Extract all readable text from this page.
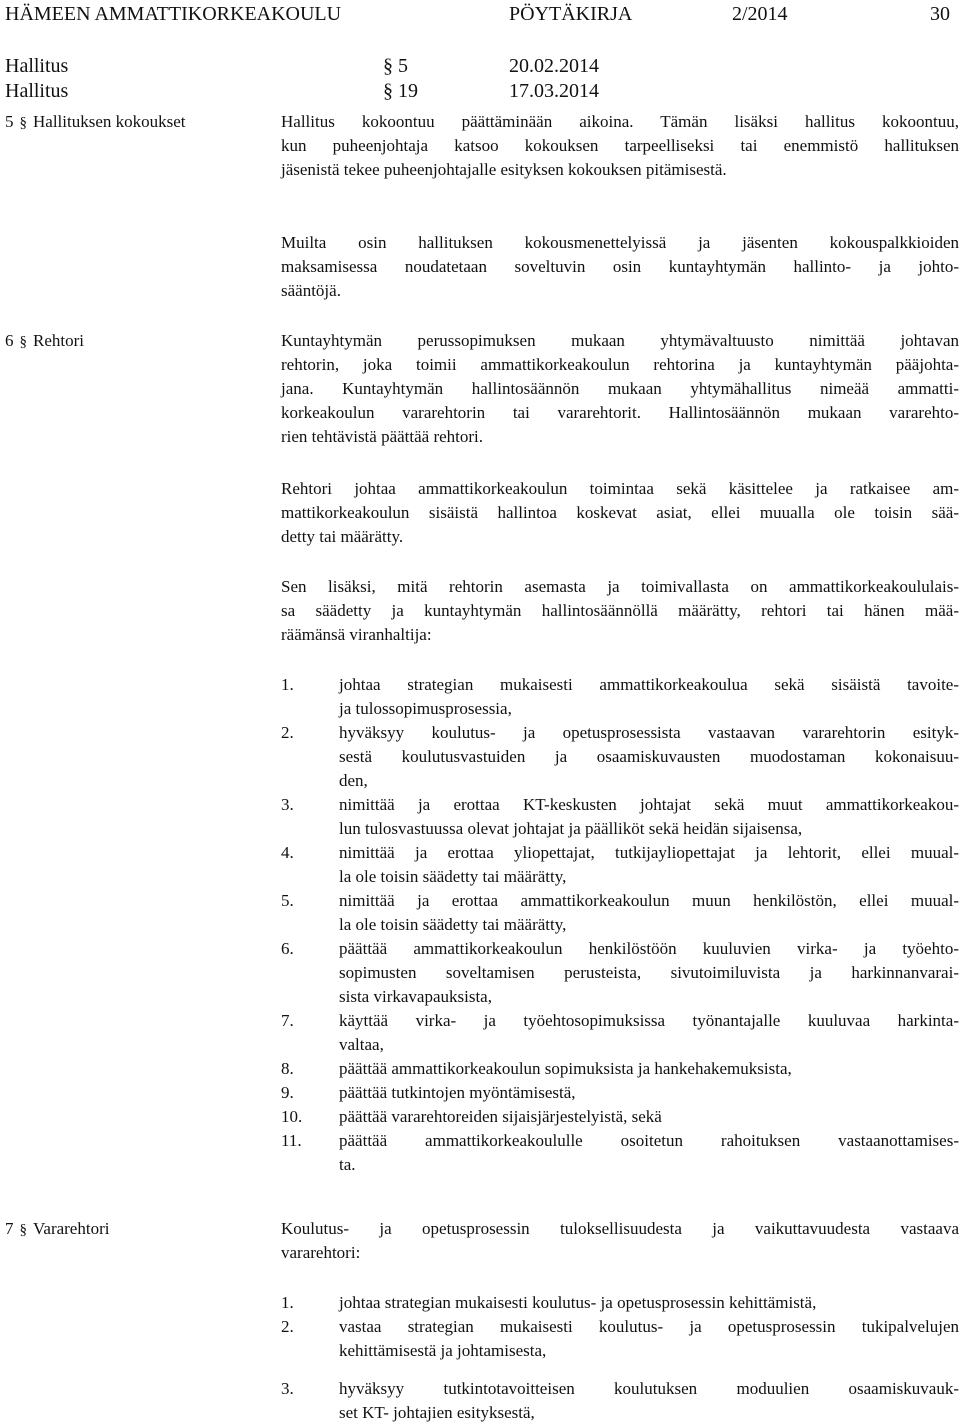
HÄMEEN AMMATTIKORKEAKOULU	PÖYTÄKIRJA	2/2014	30
Hallitus	§ 5	20.02.2014
Hallitus	§ 19	17.03.2014
5 § Hallituksen kokoukset	Hallitus kokoontuu päättäminään aikoina. Tämän lisäksi hallitus kokoontuu,
kun puheenjohtaja katsoo kokouksen tarpeelliseksi tai enemmistö hallituksen
jäsenistä tekee puheenjohtajalle esityksen kokouksen pitämisestä.
Muilta osin hallituksen kokousmenettelyissä ja jäsenten kokouspalkkioiden
maksamisessa noudatetaan soveltuvin osin kuntayhtymän hallinto- ja johto-
sääntöjä.
6 § Rehtori	Kuntayhtymän perussopimuksen mukaan yhtymävaltuusto nimittää johtavan
rehtorin, joka toimii ammattikorkeakoulun rehtorina ja kuntayhtymän pääjohta-
jana. Kuntayhtymän hallintosäännön mukaan yhtymähallitus nimeää ammatti-
korkeakoulun vararehtorin tai vararehtorit. Hallintosäännön mukaan vararehto-
rien tehtävistä päättää rehtori.
Rehtori johtaa ammattikorkeakoulun toimintaa sekä käsittelee ja ratkaisee am-
mattikorkeakoulun sisäistä hallintoa koskevat asiat, ellei muualla ole toisin sää-
detty tai määrätty.
Sen lisäksi, mitä rehtorin asemasta ja toimivallasta on ammattikorkeakoululais-
sa säädetty ja kuntayhtymän hallintosäännöllä määrätty, rehtori tai hänen mää-
räämänsä viranhaltija:
1.	johtaa strategian mukaisesti ammattikorkeakoulua sekä sisäistä tavoite-
ja tulossopimusprosessia,
2.	hyväksyy koulutus- ja opetusprosessista vastaavan vararehtorin esityk-
sestä koulutusvastuiden ja osaamiskuvausten muodostaman kokonaisuu-
den,
3.	nimittää ja erottaa KT-keskusten johtajat sekä muut ammattikorkeakou-
lun tulosvastuussa olevat johtajat ja päälliköt sekä heidän sijaisensa,
4.	nimittää ja erottaa yliopettajat, tutkijayliopettajat ja lehtorit, ellei muual-
la ole toisin säädetty tai määrätty,
5.	nimittää ja erottaa ammattikorkeakoulun muun henkilöstön, ellei muual-
la ole toisin säädetty tai määrätty,
6.	päättää ammattikorkeakoulun henkilöstöön kuuluvien virka- ja työehto-
sopimusten soveltamisen perusteista, sivutoimiluvista ja harkinnanvarai-
sista virkavapauksista,
7.	käyttää virka- ja työehtosopimuksissa työnantajalle kuuluvaa harkinta-
valtaa,
8.	päättää ammattikorkeakoulun sopimuksista ja hankehakemuksista,
9.	päättää tutkintojen myöntämisestä,
10. päättää vararehtoreiden sijaisjärjestelyistä, sekä
11. päättää ammattikorkeakoululle osoitetun rahoituksen vastaanottamises-
ta.
7 § Vararehtori	Koulutus- ja opetusprosessin tuloksellisuudesta ja vaikuttavuudesta vastaava
vararehtori:
1.	johtaa strategian mukaisesti koulutus- ja opetusprosessin kehittämistä,
2.	vastaa strategian mukaisesti koulutus- ja opetusprosessin tukipalvelujen
kehittämisestä ja johtamisesta,
3.	hyväksyy tutkintotavoitteisen koulutuksen moduulien osaamiskuvauk-
set KT- johtajien esityksestä,
